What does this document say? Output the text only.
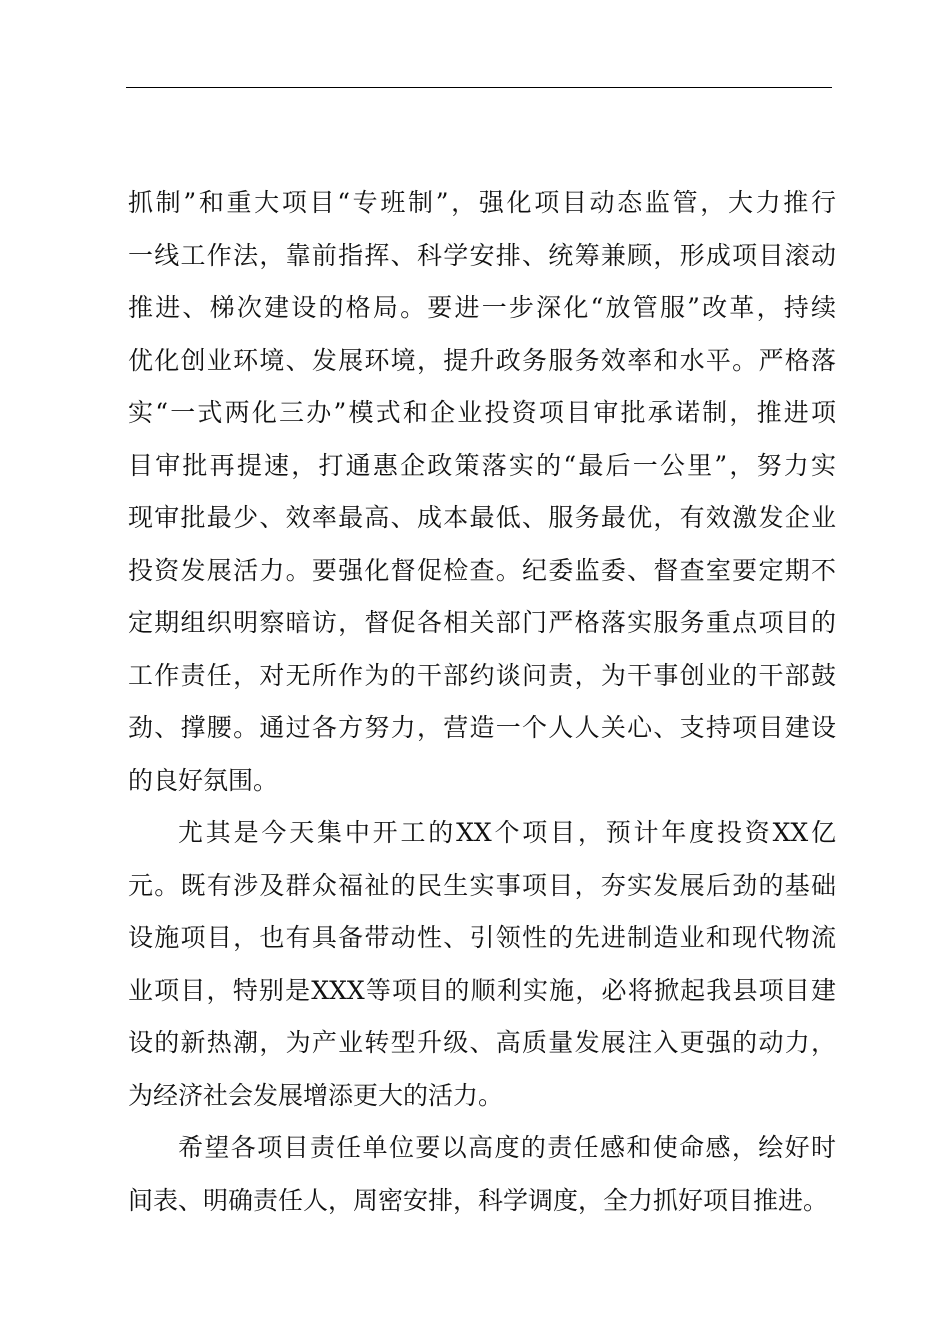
抓制”和重大项目“专班制”，强化项目动态监管，大力推行
一线工作法，靠前指挥、科学安排、统筹兼顾，形成项目滚动
推进、梯次建设的格局。要进一步深化“放管服”改革，持续
优化创业环境、发展环境，提升政务服务效率和水平。严格落
实“一式两化三办”模式和企业投资项目审批承诺制，推进项
目审批再提速，打通惠企政策落实的“最后一公里”，努力实
现审批最少、效率最高、成本最低、服务最优，有效激发企业
投资发展活力。要强化督促检查。纪委监委、督查室要定期不
定期组织明察暗访，督促各相关部门严格落实服务重点项目的
工作责任，对无所作为的干部约谈问责，为干事创业的干部鼓
劲、撑腰。通过各方努力，营造一个人人关心、支持项目建设
的良好氛围。
尤其是今天集中开工的XX个项目，预计年度投资XX亿
元。既有涉及群众福祉的民生实事项目，夯实发展后劲的基础
设施项目，也有具备带动性、引领性的先进制造业和现代物流
业项目，特别是XXX等项目的顺利实施，必将掀起我县项目建
设的新热潮，为产业转型升级、高质量发展注入更强的动力，
为经济社会发展增添更大的活力。
希望各项目责任单位要以高度的责任感和使命感，绘好时
间表、明确责任人，周密安排，科学调度，全力抓好项目推进。
